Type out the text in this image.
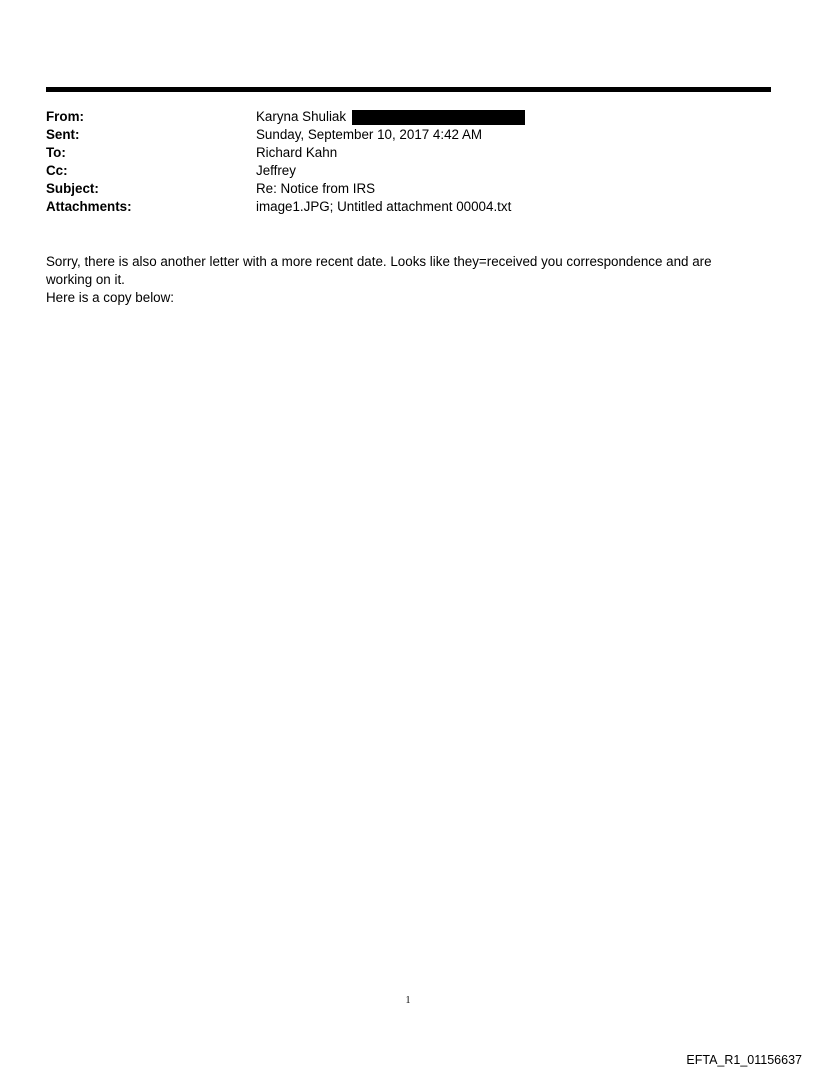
From:	Karyna Shuliak
Sent:	Sunday, September 10, 2017 4:42 AM
To:	Richard Kahn
Cc:	Jeffrey
Subject:	Re: Notice from IRS
Attachments:	image1.JPG; Untitled attachment 00004.txt

Sorry, there is also another letter with a more recent date. Looks like they=received you correspondence and are

working on it.

Here is a copy below:

1
EFTA_R1_01156637
